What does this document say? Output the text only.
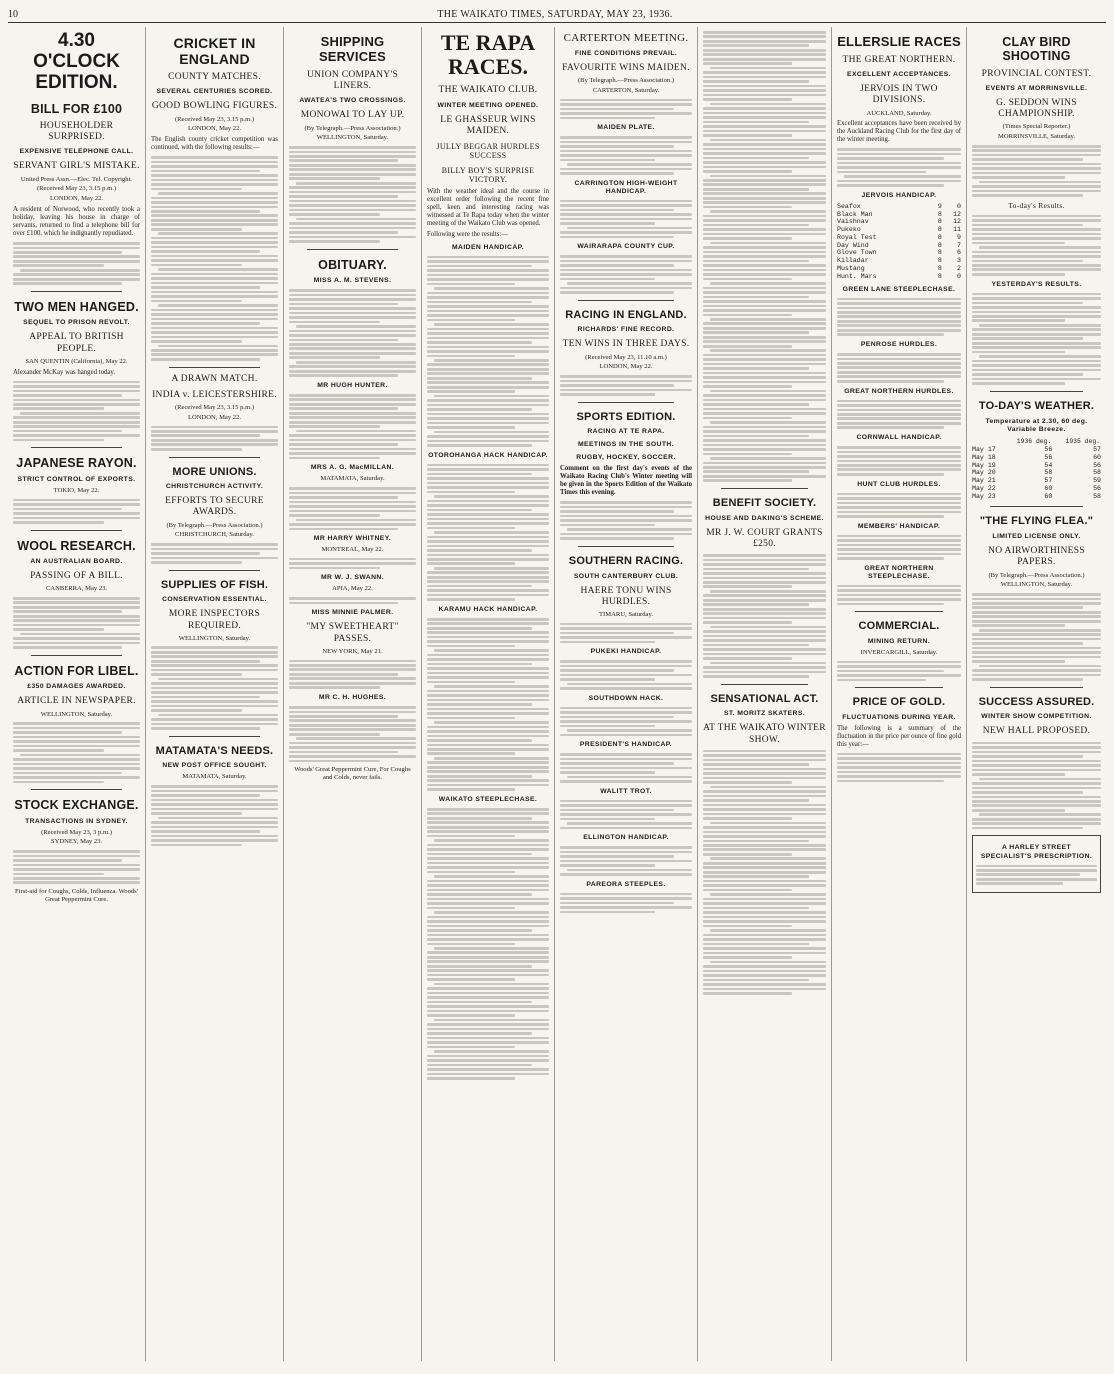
10	THE WAIKATO TIMES, SATURDAY, MAY 23, 1936.
4.30 O'CLOCK EDITION.
BILL FOR £100
HOUSEHOLDER SURPRISED.
EXPENSIVE TELEPHONE CALL.
SERVANT GIRL'S MISTAKE.
United Press Assn.—Elec. Tel. Copyright.
(Received May 23, 3.15 p.m.)
LONDON, May 22.
A resident of Norwood, who recently took a holiday, leaving his house in charge of servants, returned to find a telephone bill for over £100, which he indignantly repudiated.
TWO MEN HANGED.
SEQUEL TO PRISON REVOLT.
APPEAL TO BRITISH PEOPLE.
SAN QUENTIN (California), May 22.
Alexander McKay was hanged today.
JAPANESE RAYON.
STRICT CONTROL OF EXPORTS.
TOKIO, May 22.
WOOL RESEARCH.
AN AUSTRALIAN BOARD.
PASSING OF A BILL.
CANBERRA, May 23.
ACTION FOR LIBEL.
£350 DAMAGES AWARDED.
ARTICLE IN NEWSPAPER.
WELLINGTON, Saturday.
STOCK EXCHANGE.
TRANSACTIONS IN SYDNEY.
(Received May 23, 3 p.m.)
SYDNEY, May 23.
First-aid for Coughs, Colds, Influenza. Woods' Great Peppermint Cure.
CRICKET IN ENGLAND
COUNTY MATCHES.
SEVERAL CENTURIES SCORED.
GOOD BOWLING FIGURES.
(Received May 23, 3.15 p.m.)
LONDON, May 22.
The English county cricket competition was continued, with the following results:—
A DRAWN MATCH.
INDIA v. LEICESTERSHIRE.
(Received May 23, 3.15 p.m.)
LONDON, May 22.
MORE UNIONS.
CHRISTCHURCH ACTIVITY.
EFFORTS TO SECURE AWARDS.
(By Telegraph.—Press Association.)
CHRISTCHURCH, Saturday.
SUPPLIES OF FISH.
CONSERVATION ESSENTIAL.
MORE INSPECTORS REQUIRED.
WELLINGTON, Saturday.
MATAMATA'S NEEDS.
NEW POST OFFICE SOUGHT.
MATAMATA, Saturday.
SHIPPING SERVICES
UNION COMPANY'S LINERS.
AWATEA'S TWO CROSSINGS.
MONOWAI TO LAY UP.
(By Telegraph.—Press Association.)
WELLINGTON, Saturday.
OBITUARY.
MISS A. M. STEVENS.
MR HUGH HUNTER.
MRS A. G. MacMILLAN.
MATAMATA, Saturday.
MR HARRY WHITNEY.
MONTREAL, May 22.
MR W. J. SWANN.
APIA, May 22.
MISS MINNIE PALMER.
"MY SWEETHEART" PASSES.
NEW YORK, May 21.
MR C. H. HUGHES.
Woods' Great Peppermint Cure, For Coughs and Colds, never fails.
TE RAPA RACES.
THE WAIKATO CLUB.
WINTER MEETING OPENED.
LE GHASSEUR WINS MAIDEN.
JULLY BEGGAR HURDLES SUCCESS
BILLY BOY'S SURPRISE VICTORY.
With the weather ideal and the course in excellent order following the recent fine spell, keen and interesting racing was witnessed at Te Rapa today when the winter meeting of the Waikato Club was opened.
Following were the results:—
MAIDEN HANDICAP.
OTOROHANGA HACK HANDICAP.
KARAMU HACK HANDICAP.
WAIKATO STEEPLECHASE.
CARTERTON MEETING.
FINE CONDITIONS PREVAIL.
FAVOURITE WINS MAIDEN.
(By Telegraph.—Press Association.)
CARTERTON, Saturday.
MAIDEN PLATE.
CARRINGTON HIGH-WEIGHT HANDICAP.
WAIRARAPA COUNTY CUP.
RACING IN ENGLAND.
RICHARDS' FINE RECORD.
TEN WINS IN THREE DAYS.
(Received May 23, 11.10 a.m.)
LONDON, May 22.
SPORTS EDITION.
RACING AT TE RAPA.
MEETINGS IN THE SOUTH.
RUGBY, HOCKEY, SOCCER.
Comment on the first day's events of the Waikato Racing Club's Winter meeting will be given in the Sports Edition of the Waikato Times this evening.
SOUTHERN RACING.
SOUTH CANTERBURY CLUB.
HAERE TONU WINS HURDLES.
TIMARU, Saturday.
PUKEKI HANDICAP.
SOUTHDOWN HACK.
PRESIDENT'S HANDICAP.
WALITT TROT.
ELLINGTON HANDICAP.
PAREORA STEEPLES.
BENEFIT SOCIETY.
HOUSE AND DAKING'S SCHEME.
MR J. W. COURT GRANTS £250.
SENSATIONAL ACT.
ST. MORITZ SKATERS.
AT THE WAIKATO WINTER SHOW.
ELLERSLIE RACES
THE GREAT NORTHERN.
EXCELLENT ACCEPTANCES.
JERVOIS IN TWO DIVISIONS.
AUCKLAND, Saturday.
Excellent acceptances have been received by the Auckland Racing Club for the first day of the winter meeting.
JERVOIS HANDICAP.
Seafox	9	0
Black Man	8	12
Vaishnav	8	12
Pukeko	8	11
Royal Test	8	9
Day Wind	8	7
Glove Town	8	6
Killadar	8	3
Mustang	8	2
Hunt. Mars	8	0
GREEN LANE STEEPLECHASE.
PENROSE HURDLES.
GREAT NORTHERN HURDLES.
CORNWALL HANDICAP.
HUNT CLUB HURDLES.
MEMBERS' HANDICAP.
GREAT NORTHERN STEEPLECHASE.
COMMERCIAL.
MINING RETURN.
INVERCARGILL, Saturday.
PRICE OF GOLD.
FLUCTUATIONS DURING YEAR.
The following is a summary of the fluctuation in the price per ounce of fine gold this year:—
CLAY BIRD SHOOTING
PROVINCIAL CONTEST.
EVENTS AT MORRINSVILLE.
G. SEDDON WINS CHAMPIONSHIP.
(Times Special Reporter.)
MORRINSVILLE, Saturday.
To-day's Results.
YESTERDAY'S RESULTS.
TO-DAY'S WEATHER.
Temperature at 2.30, 60 deg. Variable Breeze.
	1936 deg.	1935 deg.
May 17	56	57
May 18	56	60
May 19	54	56
May 20	58	58
May 21	57	59
May 22	60	56
May 23	60	58
"THE FLYING FLEA."
LIMITED LICENSE ONLY.
NO AIRWORTHINESS PAPERS.
(By Telegraph.—Press Association.)
WELLINGTON, Saturday.
SUCCESS ASSURED.
WINTER SHOW COMPETITION.
NEW HALL PROPOSED.
A HARLEY STREET SPECIALIST'S PRESCRIPTION.
